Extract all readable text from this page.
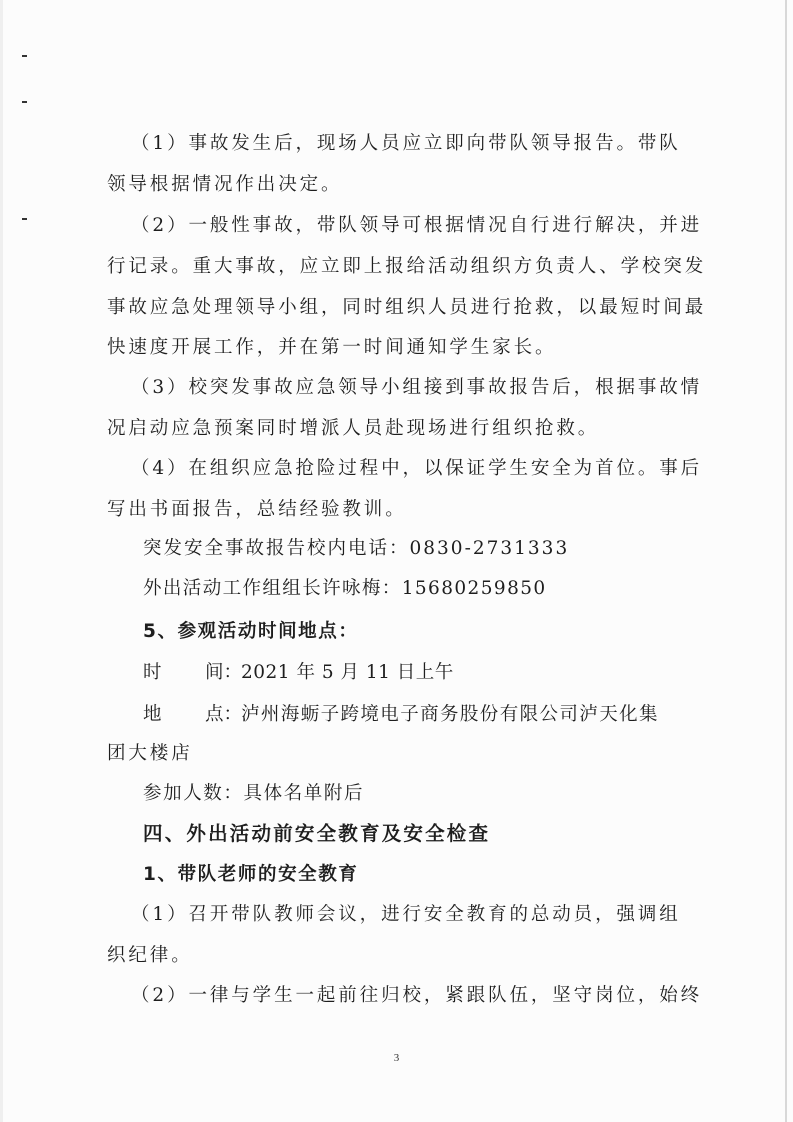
（1）事故发生后，现场人员应立即向带队领导报告。带队
领导根据情况作出决定。
（2）一般性事故，带队领导可根据情况自行进行解决，并进
行记录。重大事故，应立即上报给活动组织方负责人、学校突发
事故应急处理领导小组，同时组织人员进行抢救，以最短时间最
快速度开展工作，并在第一时间通知学生家长。
（3）校突发事故应急领导小组接到事故报告后，根据事故情
况启动应急预案同时增派人员赴现场进行组织抢救。
（4）在组织应急抢险过程中，以保证学生安全为首位。事后
写出书面报告，总结经验教训。
突发安全事故报告校内电话：0830-2731333
外出活动工作组组长许咏梅：15680259850
5、参观活动时间地点：
时 间：2021 年 5 月 11 日上午
地 点：泸州海蛎子跨境电子商务股份有限公司泸天化集
团大楼店
参加人数：具体名单附后
四、外出活动前安全教育及安全检查
1、带队老师的安全教育
（1）召开带队教师会议，进行安全教育的总动员，强调组
织纪律。
（2）一律与学生一起前往归校，紧跟队伍，坚守岗位，始终
3
